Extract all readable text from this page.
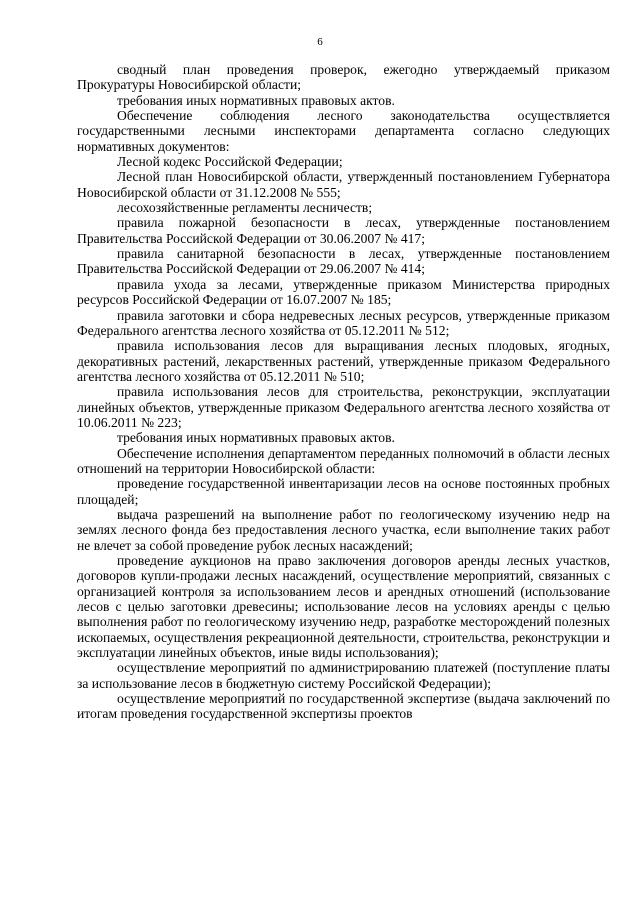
6

сводный план проведения проверок, ежегодно утверждаемый приказом Прокуратуры Новосибирской области;

требования иных нормативных правовых актов.

Обеспечение соблюдения лесного законодательства осуществляется государственными лесными инспекторами департамента согласно следующих нормативных документов:

Лесной кодекс Российской Федерации;

Лесной план Новосибирской области, утвержденный постановлением Губернатора Новосибирской области от 31.12.2008 № 555;

лесохозяйственные регламенты лесничеств;

правила пожарной безопасности в лесах, утвержденные постановлением Правительства Российской Федерации от 30.06.2007 № 417;

правила санитарной безопасности в лесах, утвержденные постановлением Правительства Российской Федерации от 29.06.2007 № 414;

правила ухода за лесами, утвержденные приказом Министерства природных ресурсов Российской Федерации от 16.07.2007 № 185;

правила заготовки и сбора недревесных лесных ресурсов, утвержденные приказом Федерального агентства лесного хозяйства от 05.12.2011 № 512;

правила использования лесов для выращивания лесных плодовых, ягодных, декоративных растений, лекарственных растений, утвержденные приказом Федерального агентства лесного хозяйства от 05.12.2011 № 510;

правила использования лесов для строительства, реконструкции, эксплуатации линейных объектов, утвержденные приказом Федерального агентства лесного хозяйства от 10.06.2011 № 223;

требования иных нормативных правовых актов.

Обеспечение исполнения департаментом переданных полномочий в области лесных отношений на территории Новосибирской области:

проведение государственной инвентаризации лесов на основе постоянных пробных площадей;

выдача разрешений на выполнение работ по геологическому изучению недр на землях лесного фонда без предоставления лесного участка, если выполнение таких работ не влечет за собой проведение рубок лесных насаждений;

проведение аукционов на право заключения договоров аренды лесных участков, договоров купли-продажи лесных насаждений, осуществление мероприятий, связанных с организацией контроля за использованием лесов и арендных отношений (использование лесов с целью заготовки древесины; использование лесов на условиях аренды с целью выполнения работ по геологическому изучению недр, разработке месторождений полезных ископаемых, осуществления рекреационной деятельности, строительства, реконструкции и эксплуатации линейных объектов, иные виды использования);

осуществление мероприятий по администрированию платежей (поступление платы за использование лесов в бюджетную систему Российской Федерации);

осуществление мероприятий по государственной экспертизе (выдача заключений по итогам проведения государственной экспертизы проектов
